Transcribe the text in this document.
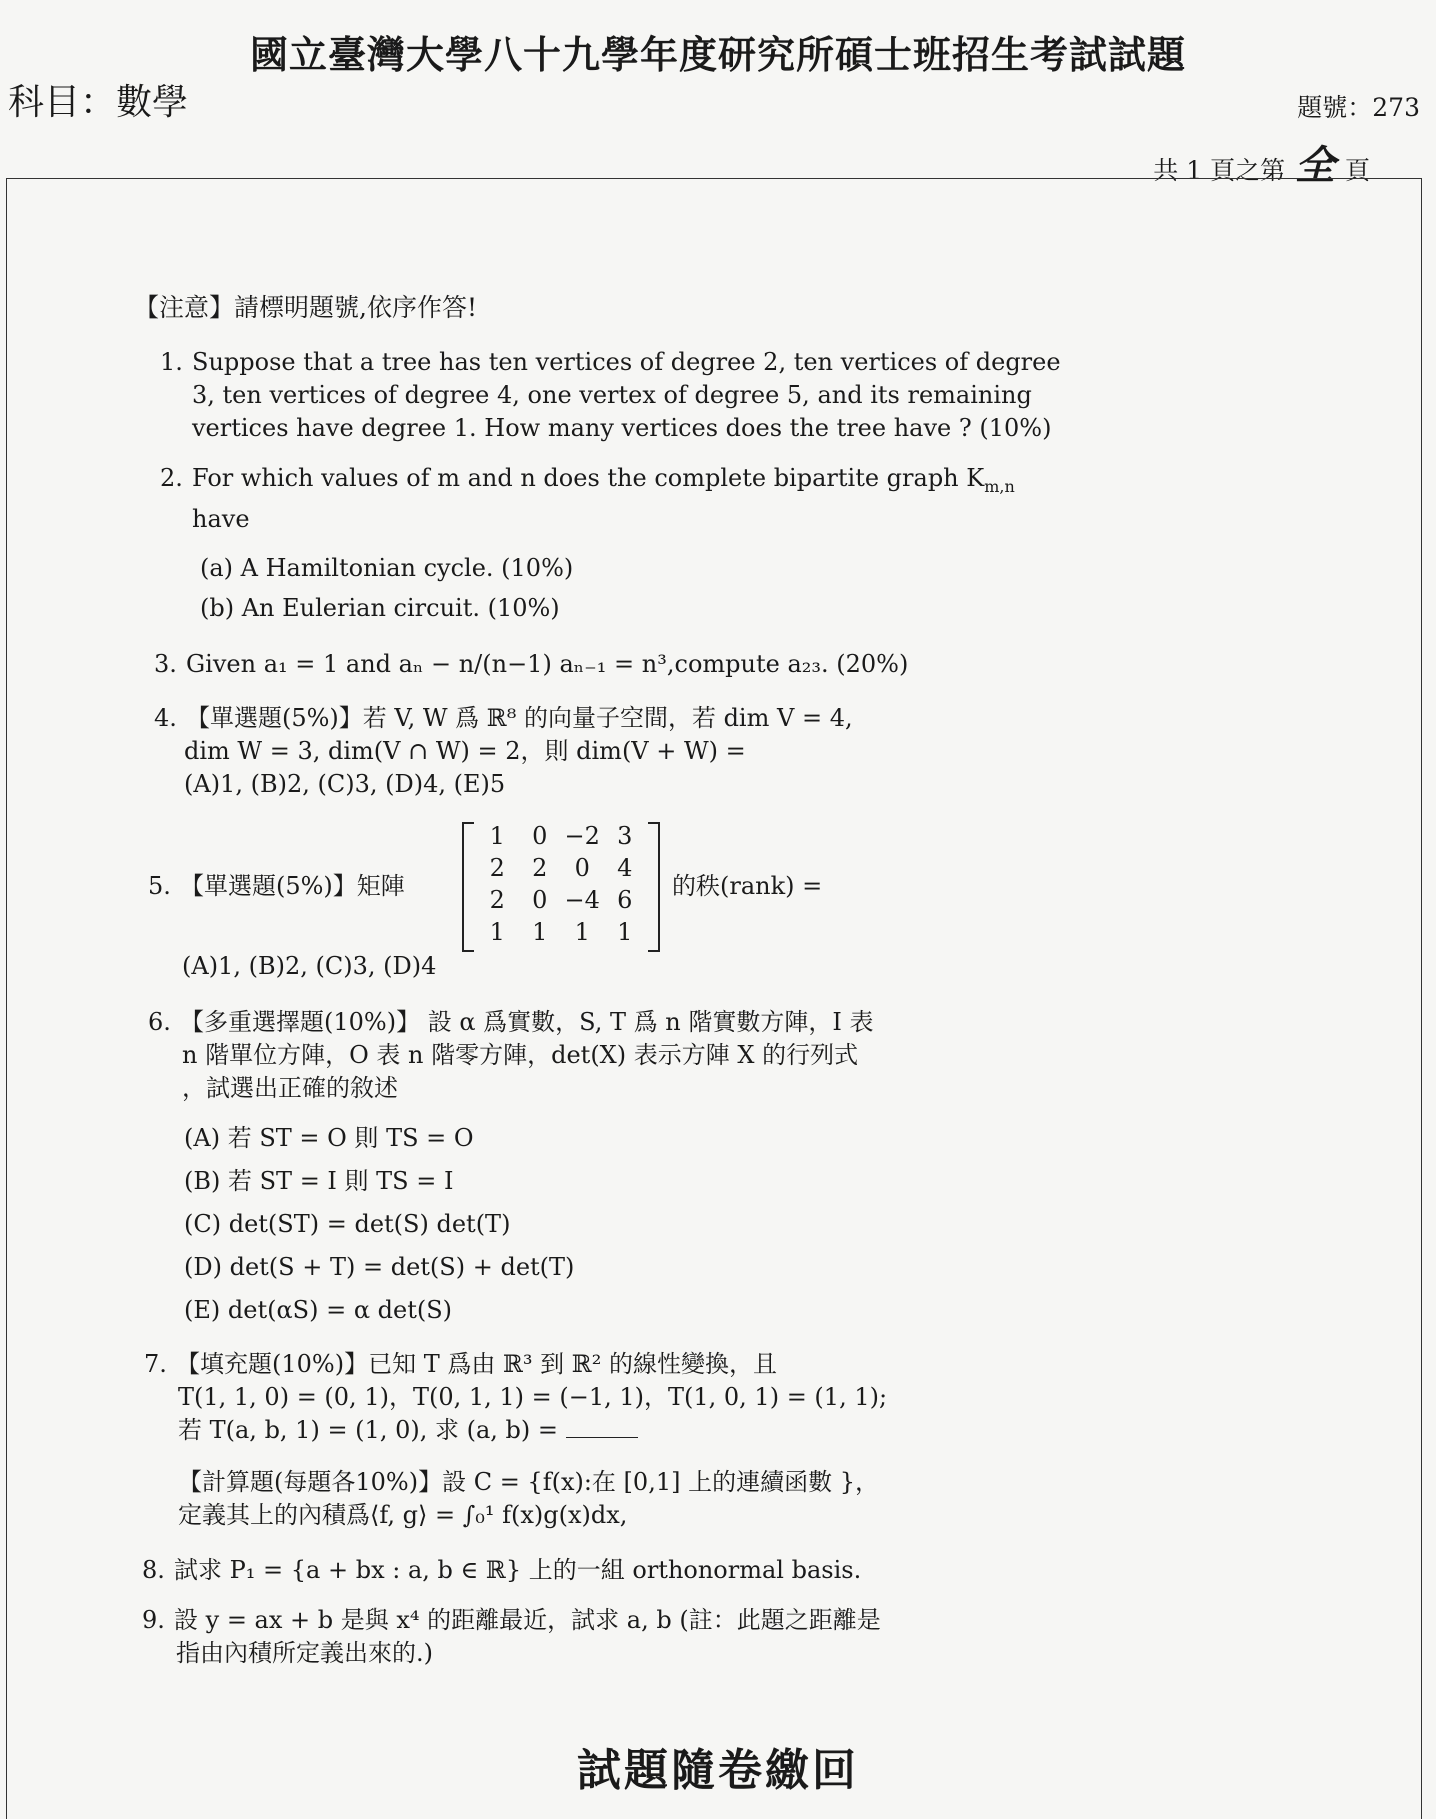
國立臺灣大學八十九學年度研究所碩士班招生考試試題
科目：數學	題號：273
共 1 頁之第 全 頁
【注意】請標明題號,依序作答!
1. Suppose that a tree has ten vertices of degree 2, ten vertices of degree
3, ten vertices of degree 4, one vertex of degree 5, and its remaining
vertices have degree 1. How many vertices does the tree have ? (10%)
2. For which values of m and n does the complete bipartite graph $K_{m,n}$
have
(a) A Hamiltonian cycle. (10%)
(b) An Eulerian circuit. (10%)
3. Given a₁ = 1 and aₙ − n/(n−1) aₙ₋₁ = n³,compute a₂₃. (20%)
4. 【單選題(5%)】若 V, W 爲 ℝ⁸ 的向量子空間，若 dim V = 4,
dim W = 3, dim(V ∩ W) = 2，則 dim(V + W) =
(A)1, (B)2, (C)3, (D)4, (E)5
5. 【單選題(5%)】矩陣
1	0 −2 3
2	2	0	4
2	0 −4 6
1	1	1	1
的秩(rank) =
(A)1, (B)2, (C)3, (D)4
6. 【多重選擇題(10%)】 設 α 爲實數，S, T 爲 n 階實數方陣，I 表
n 階單位方陣，O 表 n 階零方陣，det(X) 表示方陣 X 的行列式
，試選出正確的敘述
(A) 若 ST = O 則 TS = O
(B) 若 ST = I 則 TS = I
(C) det(ST) = det(S) det(T)
(D) det(S + T) = det(S) + det(T)
(E) det(αS) = α det(S)
7. 【填充題(10%)】已知 T 爲由 ℝ³ 到 ℝ² 的線性變換，且
T(1, 1, 0) = (0, 1)，T(0, 1, 1) = (−1, 1)，T(1, 0, 1) = (1, 1);
若 T(a, b, 1) = (1, 0), 求 (a, b) =
【計算題(每題各10%)】設 C = {f(x):在 [0,1] 上的連續函數 }，
定義其上的內積爲⟨f, g⟩ = ∫₀¹ f(x)g(x)dx,
8. 試求 P₁ = {a + bx : a, b ∈ ℝ} 上的一組 orthonormal basis.
9. 設 y = ax + b 是與 x⁴ 的距離最近，試求 a, b (註：此題之距離是
指由內積所定義出來的.)
試題隨卷繳回
